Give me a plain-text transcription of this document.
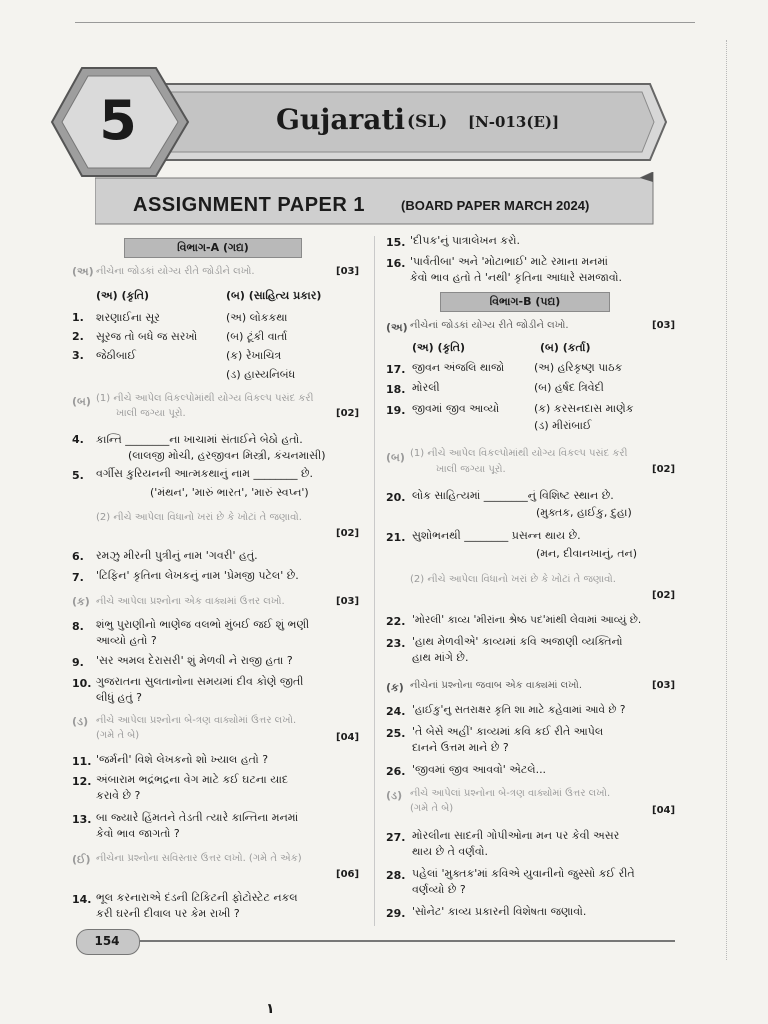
5	Gujarati (SL) [N-013(E)]
ASSIGNMENT PAPER 1	(BOARD PAPER MARCH 2024)
વિભાગ-A (ગદ્ય)
(અ) નીચેના જોડકાં યોગ્ય રીતે જોડીને લખો.	[03]
(અ) (કૃતિ)	(બ) (સાહિત્ય પ્રકાર)
1. શરણાઈના સૂર	(અ) લોકકથા
2. સૂરજ તો બધે જ સરખો	(બ) ટૂંકી વાર્તા
3. જેઠીબાઈ	(ક) રેખાચિત્ર
(ડ) હાસ્યનિબંધ
(બ) (1) નીચે આપેલ વિકલ્પોમાંથી યોગ્ય વિકલ્પ પસંદ કરી
ખાલી જગ્યા પૂરો.	[02]
4. કાન્તિ ________ના ખાચામાં સંતાઈને બેઠો હતો.
(લાલજી મોચી, હરજીવન મિસ્ત્રી, કંચનમાસી)
5. વર્ગીસ કુરિયનની આત્મકથાનું નામ ________ છે.
('મંથન', 'મારું ભારત', 'મારું સ્વપ્ન')
(2) નીચે આપેલા વિધાનો ખરાં છે કે ખોટાં તે જણાવો.
[02]
6. રમઝુ મીરની પુત્રીનું નામ 'ગવરી' હતું.
7. 'ટિફિન' કૃતિના લેખકનું નામ 'પ્રેમજી પટેલ' છે.
(ક) નીચે આપેલા પ્રશ્નોના એક વાક્યમાં ઉત્તર લખો.	[03]
8. શંભુ પુરાણીનો ભાણેજ વલભો મુંબઈ જઈ શું ભણી
આવ્યો હતો ?
9. 'સર અમલ દેરાસરી' શું મેળવી ને રાજી હતા ?
10. ગુજરાતના સુલતાનોના સમયમાં દીવ કોણે જીતી
લીધું હતું ?
(ડ) નીચે આપેલા પ્રશ્નોના બે-ત્રણ વાક્યોમાં ઉત્તર લખો.
(ગમે તે બે)	[04]
11. 'જર્મની' વિશે લેખકનો શો ખ્યાલ હતો ?
12. અંબારામ ભદ્રંભદ્રના વેગ માટે કઈ ઘટના યાદ
કરાવે છે ?
13. બા જ્યારે હિંમતને તેડતી ત્યારે કાન્તિના મનમાં
કેવો ભાવ જાગતો ?
(ઈ) નીચેના પ્રશ્નોના સવિસ્તાર ઉત્તર લખો. (ગમે તે એક)
[06]
14. ભૂલ કરનારાએ દંડની ટિકિટની ફોટોસ્ટેટ નકલ
કરી ઘરની દીવાલ પર કેમ રાખી ?
15. 'દીપક'નું પાત્રાલેખન કરો.
16. 'પાર્વતીબા' અને 'મોટાભાઈ' માટે રમાના મનમાં
કેવો ભાવ હતો તે 'નથી' કૃતિના આધારે સમજાવો.
વિભાગ-B (પદ્ય)
(અ) નીચેનાં જોડકાં યોગ્ય રીતે જોડીને લખો.	[03]
(અ) (કૃતિ)	(બ) (કર્તા)
17. જીવન અંજલિ થાજો	(અ) હરિકૃષ્ણ પાઠક
18. મોરલી	(બ) હર્ષદ ત્રિવેદી
19. જીવમાં જીવ આવ્યો	(ક) કરસનદાસ માણેક
(ડ) મીરાંબાઈ
(બ) (1) નીચે આપેલ વિકલ્પોમાંથી યોગ્ય વિકલ્પ પસંદ કરી
ખાલી જગ્યા પૂરો.	[02]
20. લોક સાહિત્યમાં ________નું વિશિષ્ટ સ્થાન છે.
(મુક્તક, હાઈકુ, દુહા)
21. સુશોભનથી ________ પ્રસન્ન થાય છે.
(મન, દીવાનખાનું, તન)
(2) નીચે આપેલા વિધાનો ખરાં છે કે ખોટાં તે જણાવો.
[02]
22. 'મોરલી' કાવ્ય 'મીરાંના શ્રેષ્ઠ પદ'માંથી લેવામાં આવ્યું છે.
23. 'હાથ મેળવીએ' કાવ્યમાં કવિ અજાણી વ્યક્તિનો
હાથ માંગે છે.
(ક) નીચેનાં પ્રશ્નોના જવાબ એક વાક્યમાં લખો.	[03]
24. 'હાઈકુ'નુ સતરાક્ષર કૃતિ શા માટે કહેવામાં આવે છે ?
25. 'તે બેસે અહીં' કાવ્યમાં કવિ કઈ રીતે આપેલ
દાનને ઉત્તમ માને છે ?
26. 'જીવમાં જીવ આવવો' એટલે...
(ડ) નીચે આપેલાં પ્રશ્નોના બે-ત્રણ વાક્યોમાં ઉત્તર લખો.
(ગમે તે બે)	[04]
27. મોરલીના સાદની ગોપીઓના મન પર કેવી અસર
થાય છે તે વર્ણવો.
28. પહેલાં 'મુક્તક'માં કવિએ યુવાનીનો જુસ્સો કઈ રીતે
વર્ણવ્યો છે ?
29. 'સોનેટ' કાવ્ય પ્રકારની વિશેષતા જણાવો.
154
۱
